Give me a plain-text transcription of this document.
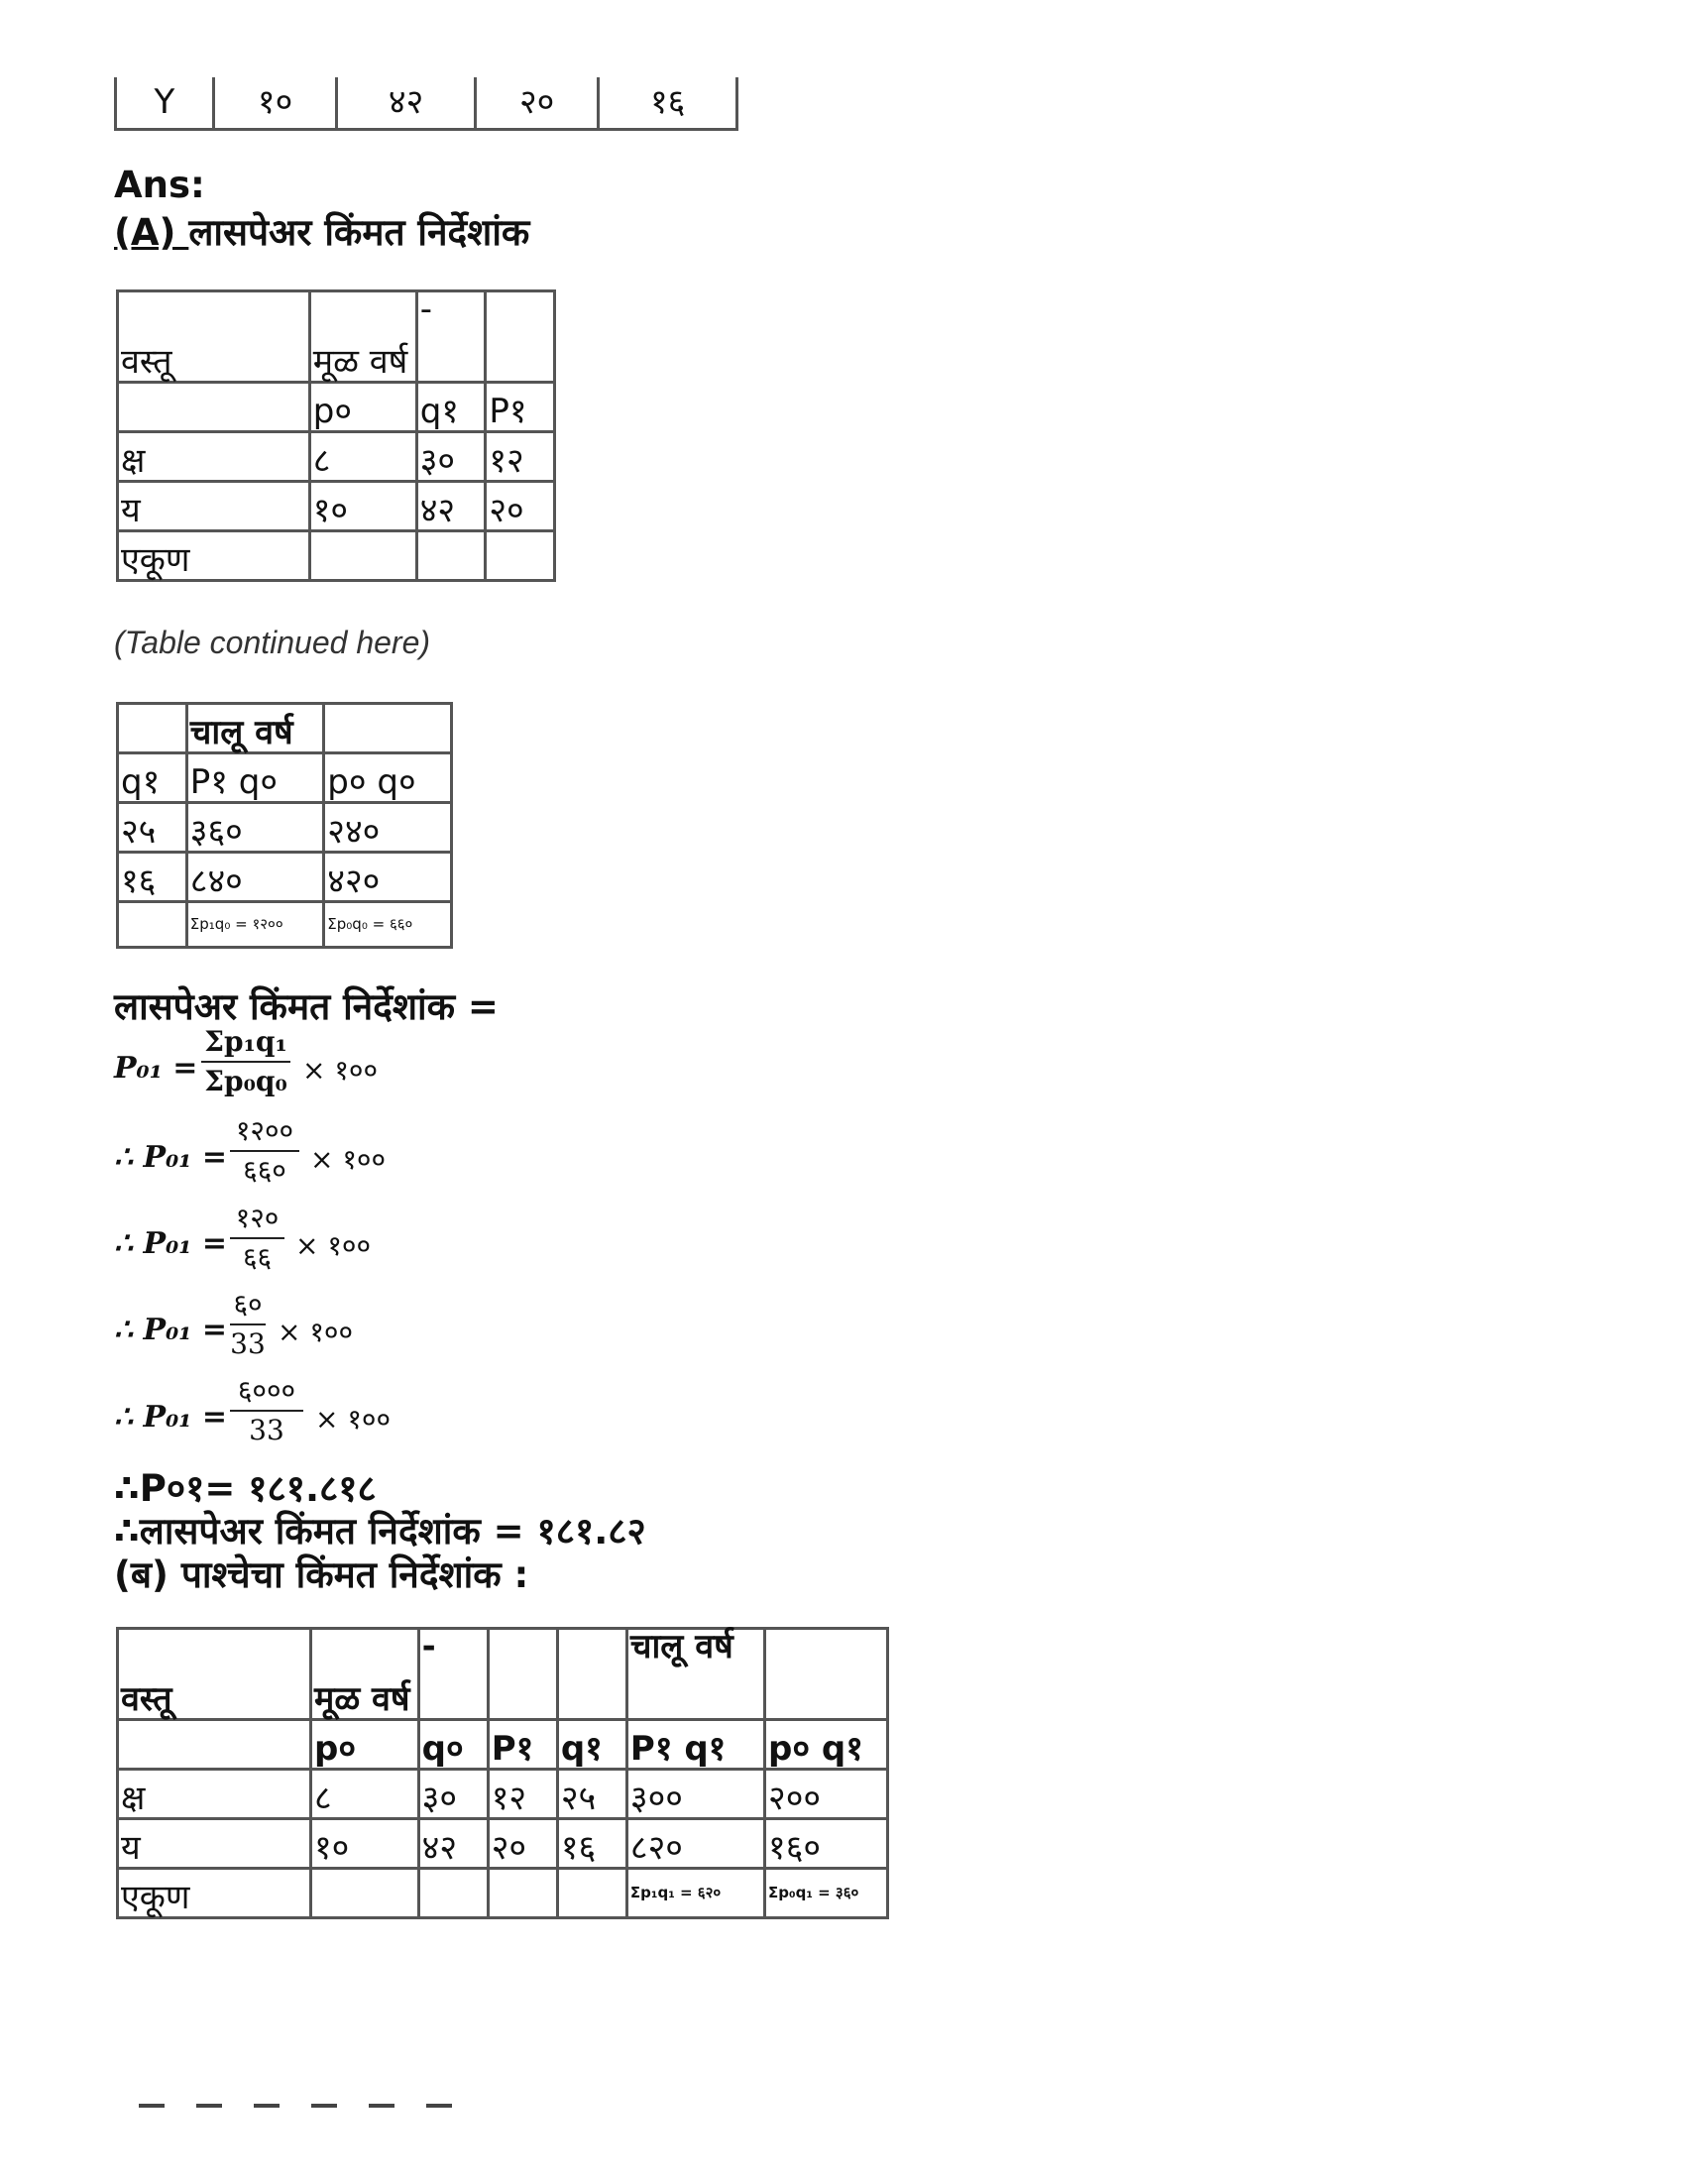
Y	१०	४२	२०	१६
Ans:
(A) लासपेअर किंमत निर्देशांक
वस्तू	मूळ वर्ष	-	
	p०	q१	P१
क्ष	८	३०	१२
य	१०	४२	२०
एकूण			
(Table continued here)
	चालू वर्ष	
q१	P१ q०	p० q०
२५	३६०	२४०
१६	८४०	४२०
	Σp₁q₀ = १२००	Σp₀q₀ = ६६०
लासपेअर किंमत निर्देशांक =
P₀₁ =
Σp₁q₁
Σp₀q₀ × १००
∴ P₀₁ =
१२००
६६० × १००
∴ P₀₁ =
१२०
६६ × १००
∴ P₀₁ =
६०
33 × १००
∴ P₀₁ =
६०००
33	× १००
∴P०१= १८१.८१८
∴लासपेअर किंमत निर्देशांक = १८१.८२
(ब) पाश्चेचा किंमत निर्देशांक :
वस्तू	मूळ वर्ष	-			चालू वर्ष	
	p०	q०	P१	q१	P१ q१	p० q१
क्ष	८	३०	१२	२५	३००	२००
य	१०	४२	२०	१६	८२०	१६०
एकूण					Σp₁q₁ = ६२०	Σp₀q₁ = ३६०
